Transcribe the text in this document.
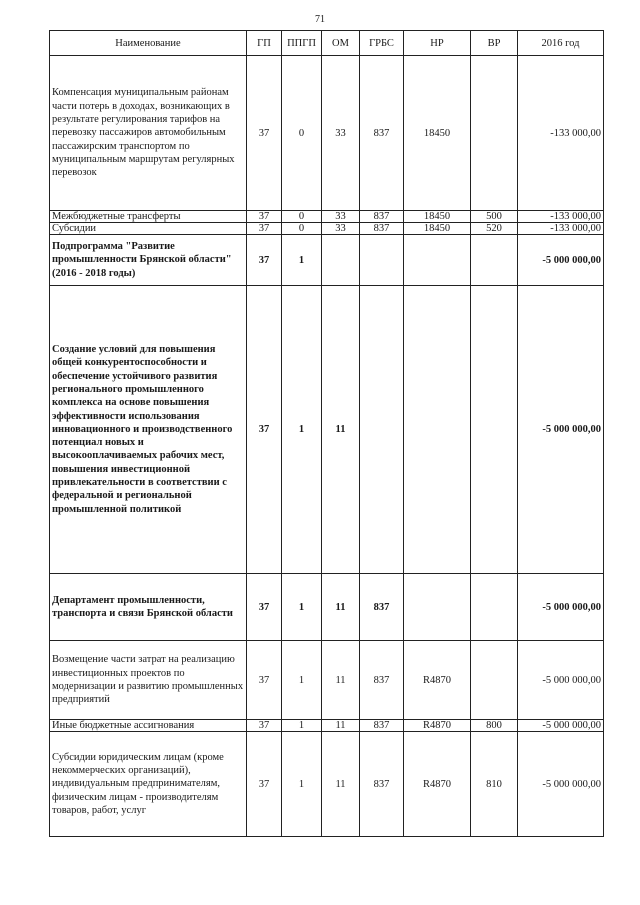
71
Наименование	ГП	ППГП	ОМ	ГРБС	НР	ВР	2016 год
Компенсация муниципальным районам части потерь в доходах, возникающих в результате регулирования тарифов на перевозку пассажиров автомобильным пассажирским транспортом по муниципальным маршрутам регулярных перевозок	37	0	33	837	18450		-133 000,00
Межбюджетные трансферты	37	0	33	837	18450	500	-133 000,00
Субсидии	37	0	33	837	18450	520	-133 000,00
Подпрограмма "Развитие промышленности Брянской области" (2016 - 2018 годы)	37	1					-5 000 000,00
Создание условий для повышения общей конкурентоспособности и обеспечение устойчивого развития регионального промышленного комплекса на основе повышения эффективности использования инновационного и производственного потенциал новых и высокооплачиваемых рабочих мест, повышения инвестиционной привлекательности в соответствии с федеральной и региональной промышленной политикой	37	1	11				-5 000 000,00
Департамент промышленности, транспорта и связи Брянской области	37	1	11	837			-5 000 000,00
Возмещение части затрат на реализацию инвестиционных проектов по модернизации и развитию промышленных предприятий	37	1	11	837	R4870		-5 000 000,00
Иные бюджетные ассигнования	37	1	11	837	R4870	800	-5 000 000,00
Субсидии юридическим лицам (кроме некоммерческих организаций), индивидуальным предпринимателям, физическим лицам - производителям товаров, работ, услуг	37	1	11	837	R4870	810	-5 000 000,00
